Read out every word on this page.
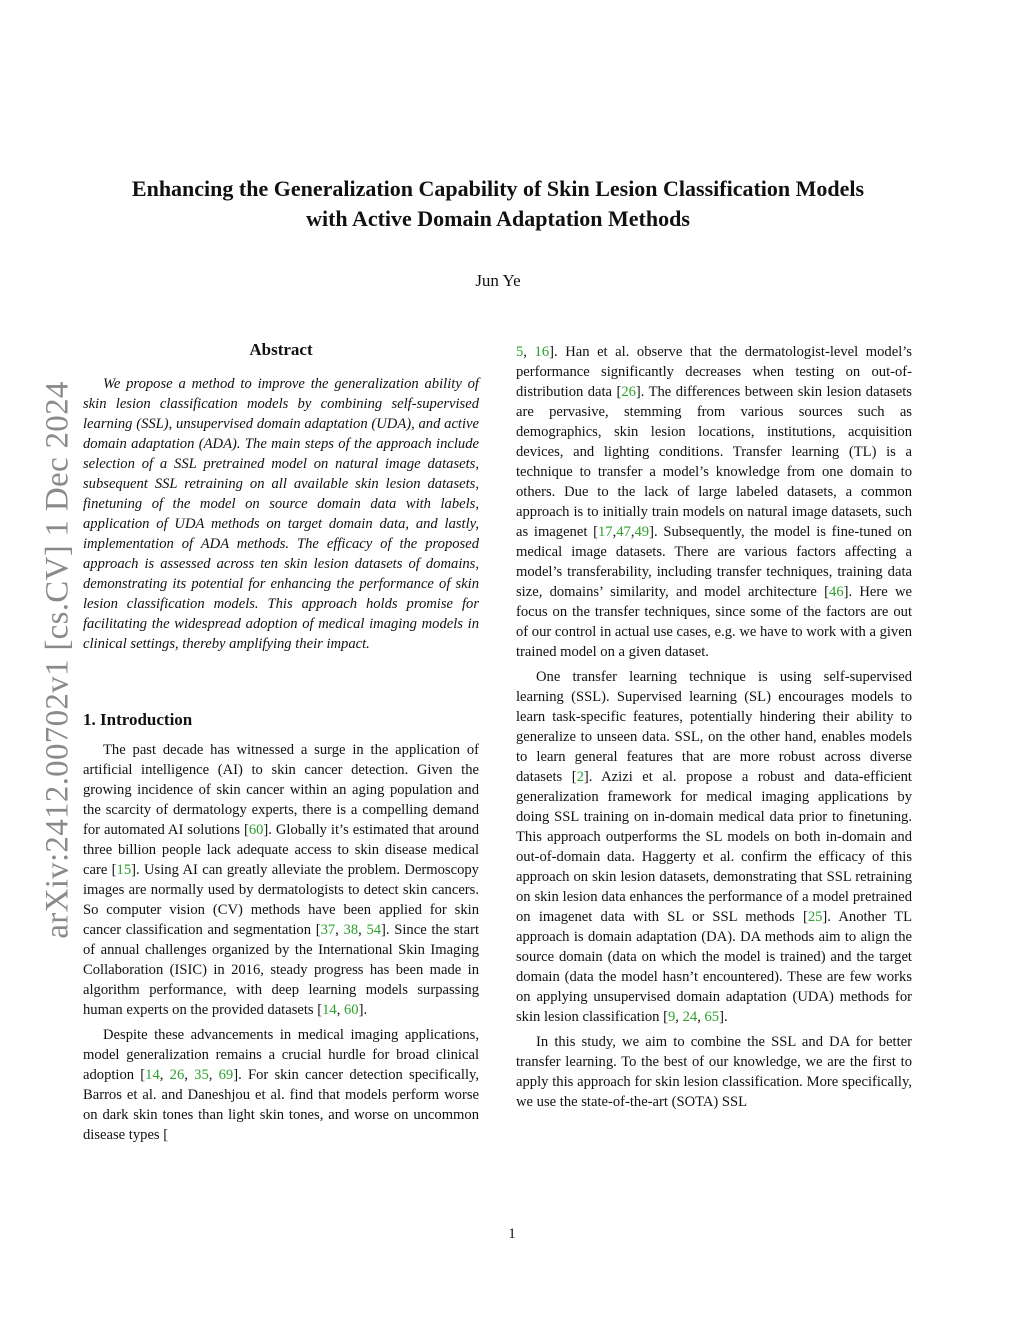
arXiv:2412.00702v1 [cs.CV] 1 Dec 2024
Enhancing the Generalization Capability of Skin Lesion Classification Models
with Active Domain Adaptation Methods
Jun Ye
Abstract

We propose a method to improve the generalization ability of skin lesion classification models by combining self-supervised learning (SSL), unsupervised domain adaptation (UDA), and active domain adaptation (ADA). The main steps of the approach include selection of a SSL pretrained model on natural image datasets, subsequent SSL retraining on all available skin lesion datasets, finetuning of the model on source domain data with labels, application of UDA methods on target domain data, and lastly, implementation of ADA methods. The efficacy of the proposed approach is assessed across ten skin lesion datasets of domains, demonstrating its potential for enhancing the performance of skin lesion classification models. This approach holds promise for facilitating the widespread adoption of medical imaging models in clinical settings, thereby amplifying their impact.

1. Introduction

The past decade has witnessed a surge in the application of artificial intelligence (AI) to skin cancer detection. Given the growing incidence of skin cancer within an aging population and the scarcity of dermatology experts, there is a compelling demand for automated AI solutions [60]. Globally it’s estimated that around three billion people lack adequate access to skin disease medical care [15]. Using AI can greatly alleviate the problem. Dermoscopy images are normally used by dermatologists to detect skin cancers. So computer vision (CV) methods have been applied for skin cancer classification and segmentation [37, 38, 54]. Since the start of annual challenges organized by the International Skin Imaging Collaboration (ISIC) in 2016, steady progress has been made in algorithm performance, with deep learning models surpassing human experts on the provided datasets [14, 60].

Despite these advancements in medical imaging applications, model generalization remains a crucial hurdle for broad clinical adoption [14, 26, 35, 69]. For skin cancer detection specifically, Barros et al. and Daneshjou et al. find that models perform worse on dark skin tones than light skin tones, and worse on uncommon disease types [

5, 16]. Han et al. observe that the dermatologist-level model’s performance significantly decreases when testing on out-of-distribution data [26]. The differences between skin lesion datasets are pervasive, stemming from various sources such as demographics, skin lesion locations, institutions, acquisition devices, and lighting conditions. Transfer learning (TL) is a technique to transfer a model’s knowledge from one domain to others. Due to the lack of large labeled datasets, a common approach is to initially train models on natural image datasets, such as imagenet [17,47,49]. Subsequently, the model is fine-tuned on medical image datasets. There are various factors affecting a model’s transferability, including transfer techniques, training data size, domains’ similarity, and model architecture [46]. Here we focus on the transfer techniques, since some of the factors are out of our control in actual use cases, e.g. we have to work with a given trained model on a given dataset.

One transfer learning technique is using self-supervised learning (SSL). Supervised learning (SL) encourages models to learn task-specific features, potentially hindering their ability to generalize to unseen data. SSL, on the other hand, enables models to learn general features that are more robust across diverse datasets [2]. Azizi et al. propose a robust and data-efficient generalization framework for medical imaging applications by doing SSL training on in-domain medical data prior to finetuning. This approach outperforms the SL models on both in-domain and out-of-domain data. Haggerty et al. confirm the efficacy of this approach on skin lesion datasets, demonstrating that SSL retraining on skin lesion data enhances the performance of a model pretrained on imagenet data with SL or SSL methods [25]. Another TL approach is domain adaptation (DA). DA methods aim to align the source domain (data on which the model is trained) and the target domain (data the model hasn’t encountered). These are few works on applying unsupervised domain adaptation (UDA) methods for skin lesion classification [9, 24, 65].

In this study, we aim to combine the SSL and DA for better transfer learning. To the best of our knowledge, we are the first to apply this approach for skin lesion classification. More specifically, we use the state-of-the-art (SOTA) SSL

1
